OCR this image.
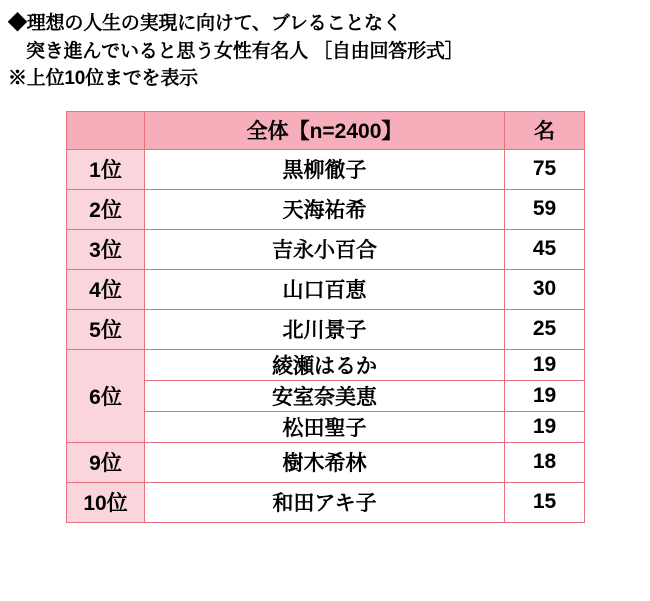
◆理想の人生の実現に向けて、ブレることなく
突き進んでいると思う女性有名人 ［自由回答形式］
※上位10位までを表示
	全体【n=2400】	名
1位	黒柳徹子	75
2位	天海祐希	59
3位	吉永小百合	45
4位	山口百恵	30
5位	北川景子	25
6位	綾瀬はるか	19
	安室奈美恵	19
	松田聖子	19
9位	樹木希林	18
10位	和田アキ子	15
